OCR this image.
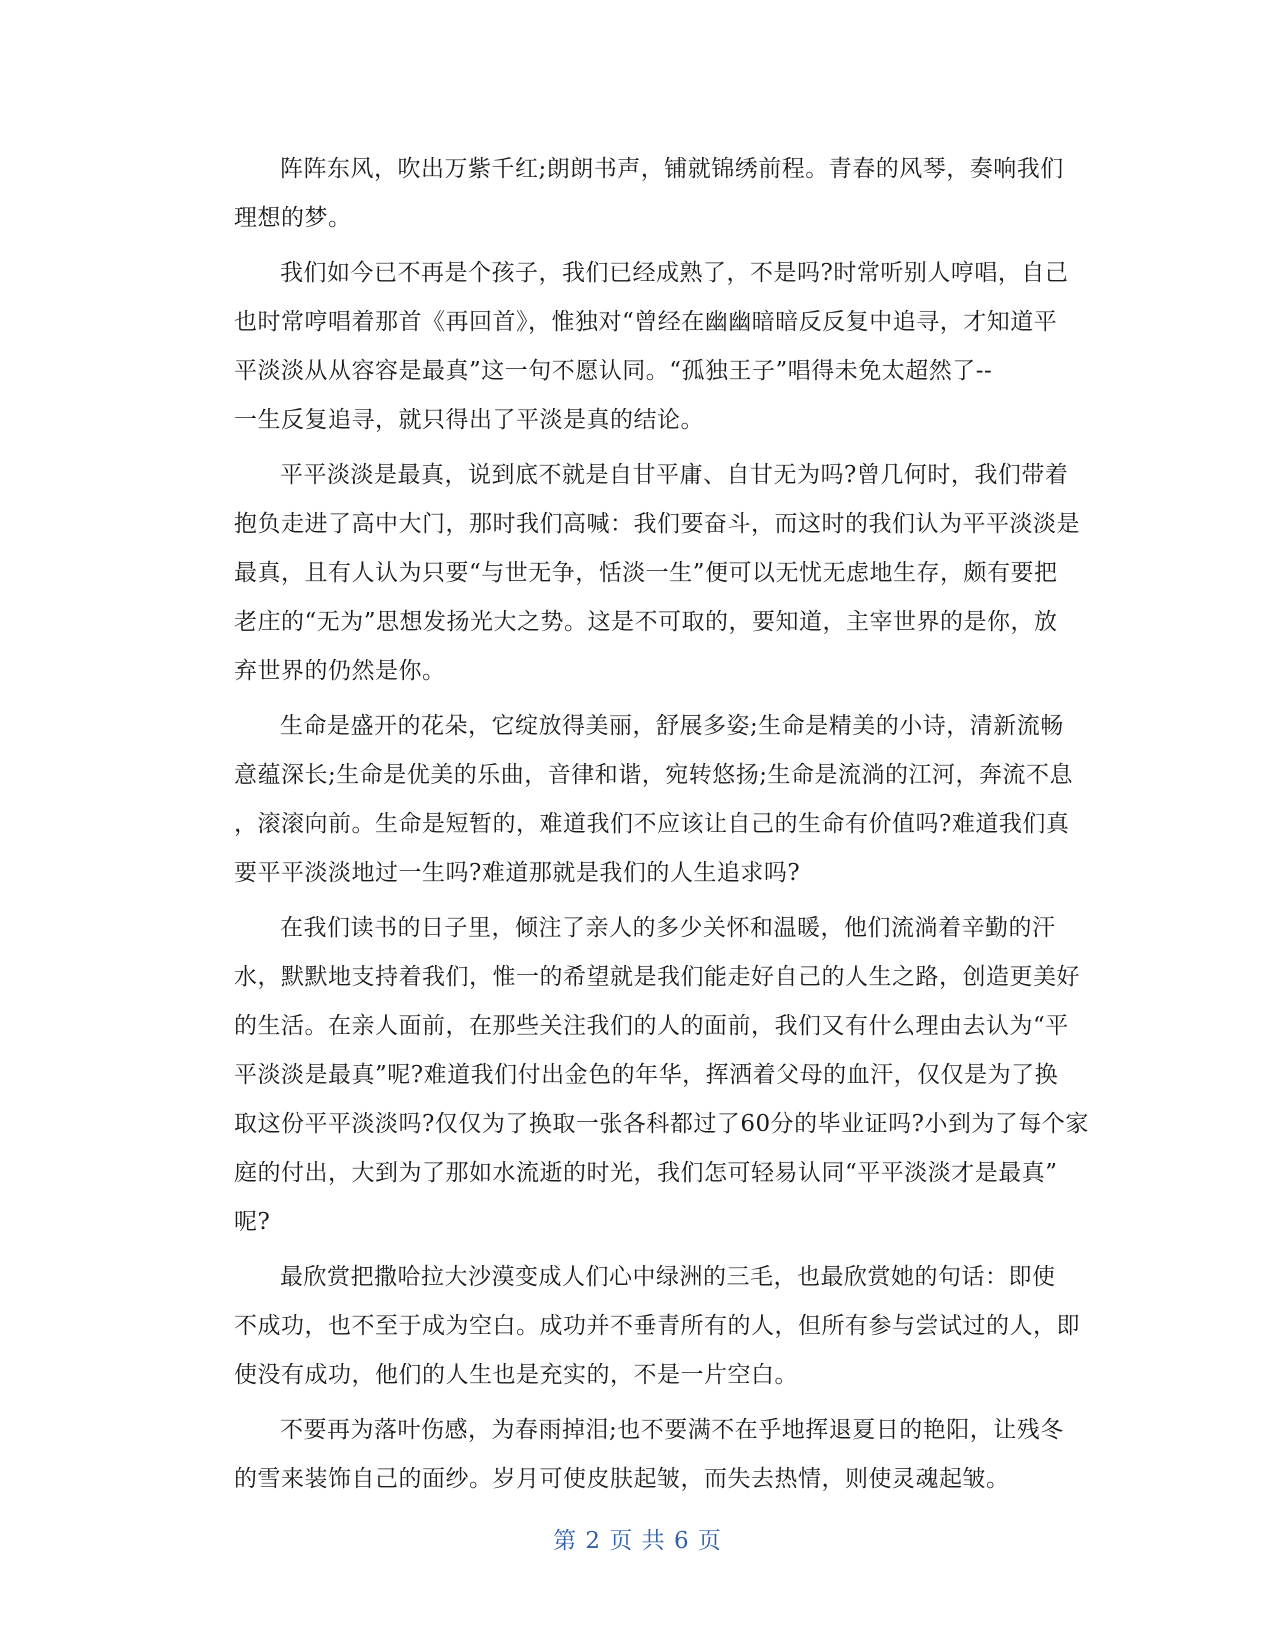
阵阵东风，吹出万紫千红;朗朗书声，铺就锦绣前程。青春的风琴，奏响我们
理想的梦。
我们如今已不再是个孩子，我们已经成熟了，不是吗?时常听别人哼唱，自己
也时常哼唱着那首《再回首》，惟独对“曾经在幽幽暗暗反反复中追寻，才知道平
平淡淡从从容容是最真”这一句不愿认同。“孤独王子”唱得未免太超然了--
一生反复追寻，就只得出了平淡是真的结论。
平平淡淡是最真，说到底不就是自甘平庸、自甘无为吗?曾几何时，我们带着
抱负走进了高中大门，那时我们高喊：我们要奋斗，而这时的我们认为平平淡淡是
最真，且有人认为只要“与世无争，恬淡一生”便可以无忧无虑地生存，颇有要把
老庄的“无为”思想发扬光大之势。这是不可取的，要知道，主宰世界的是你，放
弃世界的仍然是你。
生命是盛开的花朵，它绽放得美丽，舒展多姿;生命是精美的小诗，清新流畅
意蕴深长;生命是优美的乐曲，音律和谐，宛转悠扬;生命是流淌的江河，奔流不息
，滚滚向前。生命是短暂的，难道我们不应该让自己的生命有价值吗?难道我们真
要平平淡淡地过一生吗?难道那就是我们的人生追求吗?
在我们读书的日子里，倾注了亲人的多少关怀和温暖，他们流淌着辛勤的汗
水，默默地支持着我们，惟一的希望就是我们能走好自己的人生之路，创造更美好
的生活。在亲人面前，在那些关注我们的人的面前，我们又有什么理由去认为“平
平淡淡是最真”呢?难道我们付出金色的年华，挥洒着父母的血汗，仅仅是为了换
取这份平平淡淡吗?仅仅为了换取一张各科都过了60分的毕业证吗?小到为了每个家
庭的付出，大到为了那如水流逝的时光，我们怎可轻易认同“平平淡淡才是最真”
呢?
最欣赏把撒哈拉大沙漠变成人们心中绿洲的三毛，也最欣赏她的句话：即使
不成功，也不至于成为空白。成功并不垂青所有的人，但所有参与尝试过的人，即
使没有成功，他们的人生也是充实的，不是一片空白。
不要再为落叶伤感，为春雨掉泪;也不要满不在乎地挥退夏日的艳阳，让残冬
的雪来装饰自己的面纱。岁月可使皮肤起皱，而失去热情，则使灵魂起皱。
第 2 页 共 6 页
